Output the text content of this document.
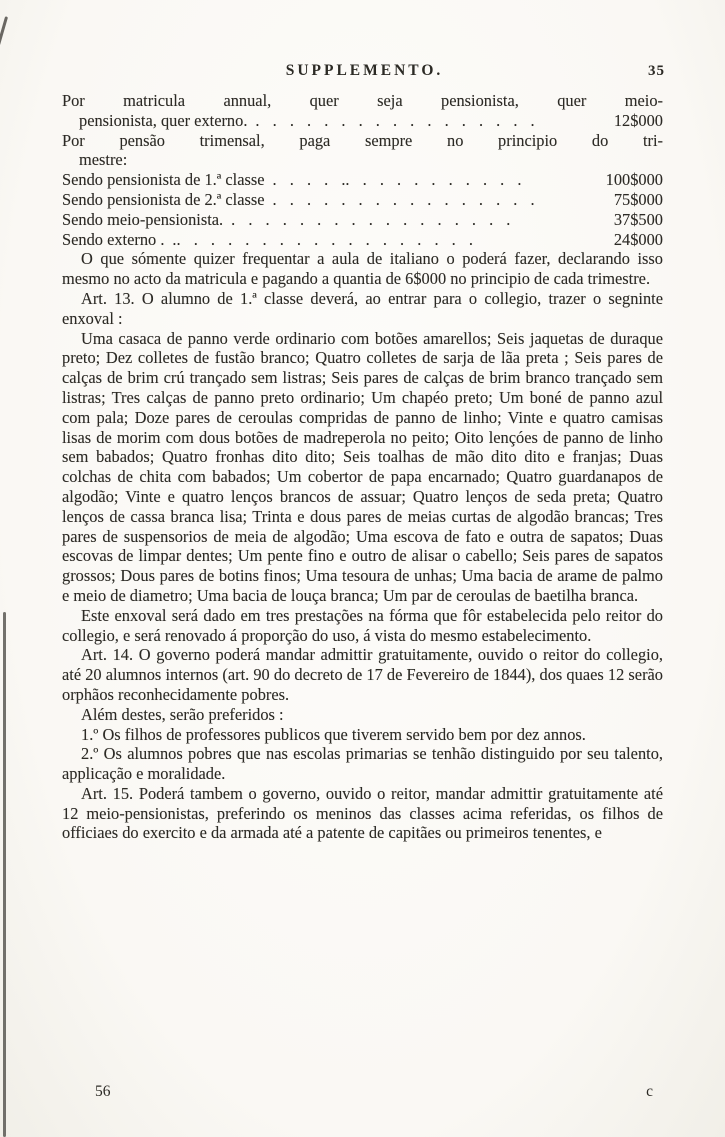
SUPPLEMENTO.	35
Por matricula annual, quer seja pensionista, quer meio-
pensionista, quer externo. . . . . . . . . . . . . . . . . .	12$000
Por pensão trimensal, paga sempre no principio do tri-
mestre:
Sendo pensionista de 1.ª classe . . . . .. . . . . . . . . . .	100$000
Sendo pensionista de 2.ª classe . . . . . . . . . . . . . . . .	75$000
Sendo meio-pensionista. . . . . . . . . . . . . . . . . .	37$500
Sendo externo . .. . . . . . . . . . . . . . . . . .	24$000

O que sómente quizer frequentar a aula de italiano o poderá fazer, declarando isso mesmo no acto da matricula e pagando a quantia de 6$000 no principio de cada trimestre.

Art. 13. O alumno de 1.ª classe deverá, ao entrar para o collegio, trazer o segninte enxoval :

Uma casaca de panno verde ordinario com botões amarellos; Seis jaquetas de duraque preto; Dez colletes de fustão branco; Quatro colletes de sarja de lãa preta ; Seis pares de calças de brim crú trançado sem listras; Seis pares de calças de brim branco trançado sem listras; Tres calças de panno preto ordinario; Um chapéo preto; Um boné de panno azul com pala; Doze pares de ceroulas compridas de panno de linho; Vinte e quatro camisas lisas de morim com dous botões de madreperola no peito; Oito lençóes de panno de linho sem babados; Quatro fronhas dito dito; Seis toalhas de mão dito dito e franjas; Duas colchas de chita com babados; Um cobertor de papa encarnado; Quatro guardanapos de algodão; Vinte e quatro lenços brancos de assuar; Quatro lenços de seda preta; Quatro lenços de cassa branca lisa; Trinta e dous pares de meias curtas de algodão brancas; Tres pares de suspensorios de meia de algodão; Uma escova de fato e outra de sapatos; Duas escovas de limpar dentes; Um pente fino e outro de alisar o cabello; Seis pares de sapatos grossos; Dous pares de botins finos; Uma tesoura de unhas; Uma bacia de arame de palmo e meio de diametro; Uma bacia de louça branca; Um par de ceroulas de baetilha branca.

Este enxoval será dado em tres prestações na fórma que fôr estabelecida pelo reitor do collegio, e será renovado á proporção do uso, á vista do mesmo estabelecimento.

Art. 14. O governo poderá mandar admittir gratuitamente, ouvido o reitor do collegio, até 20 alumnos internos (art. 90 do decreto de 17 de Fevereiro de 1844), dos quaes 12 serão orphãos reconhecidamente pobres.

Além destes, serão preferidos :

1.º Os filhos de professores publicos que tiverem servido bem por dez annos.

2.º Os alumnos pobres que nas escolas primarias se tenhão distinguido por seu talento, applicação e moralidade.

Art. 15. Poderá tambem o governo, ouvido o reitor, mandar admittir gratuitamente até 12 meio-pensionistas, preferindo os meninos das classes acima referidas, os filhos de officiaes do exercito e da armada até a patente de capitães ou primeiros tenentes, e

56	c
